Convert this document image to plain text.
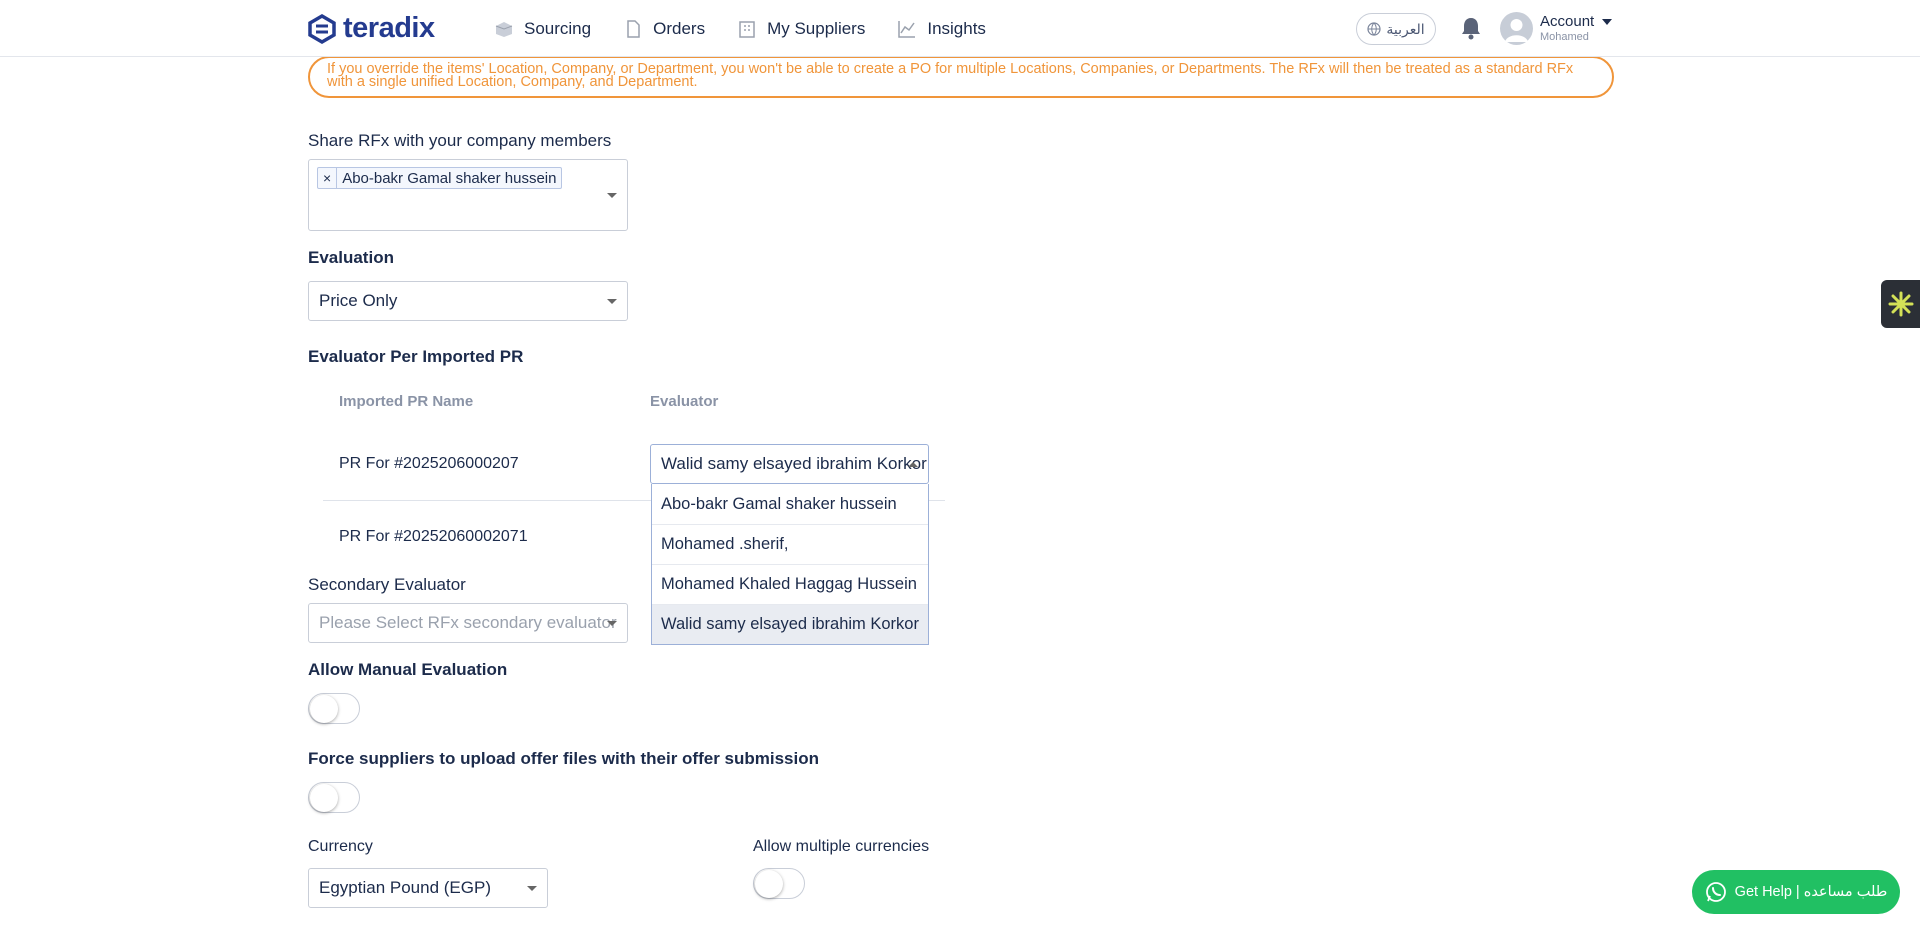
teradix	Sourcing	Orders	My Suppliers	Insights	العربية	Account
Mohamed
If you override the items' Location, Company, or Department, you won't be able to create a PO for multiple Locations, Companies, or Departments. The RFx will then be treated as a standard RFx with a single unified Location, Company, and Department.
Share RFx with your company members
× Abo-bakr Gamal shaker hussein
Evaluation
Price Only
Evaluator Per Imported PR
Imported PR Name	Evaluator
PR For #2025206000207	Walid samy elsayed ibrahim Korkor
PR For #20252060002071
Secondary Evaluator
Please Select RFx secondary evaluator
Abo-bakr Gamal shaker hussein
Mohamed .sherif,
Mohamed Khaled Haggag Hussein
Walid samy elsayed ibrahim Korkor
Allow Manual Evaluation
Force suppliers to upload offer files with their offer submission
Currency
Egyptian Pound (EGP)
Allow multiple currencies
Get Help | طلب مساعده
